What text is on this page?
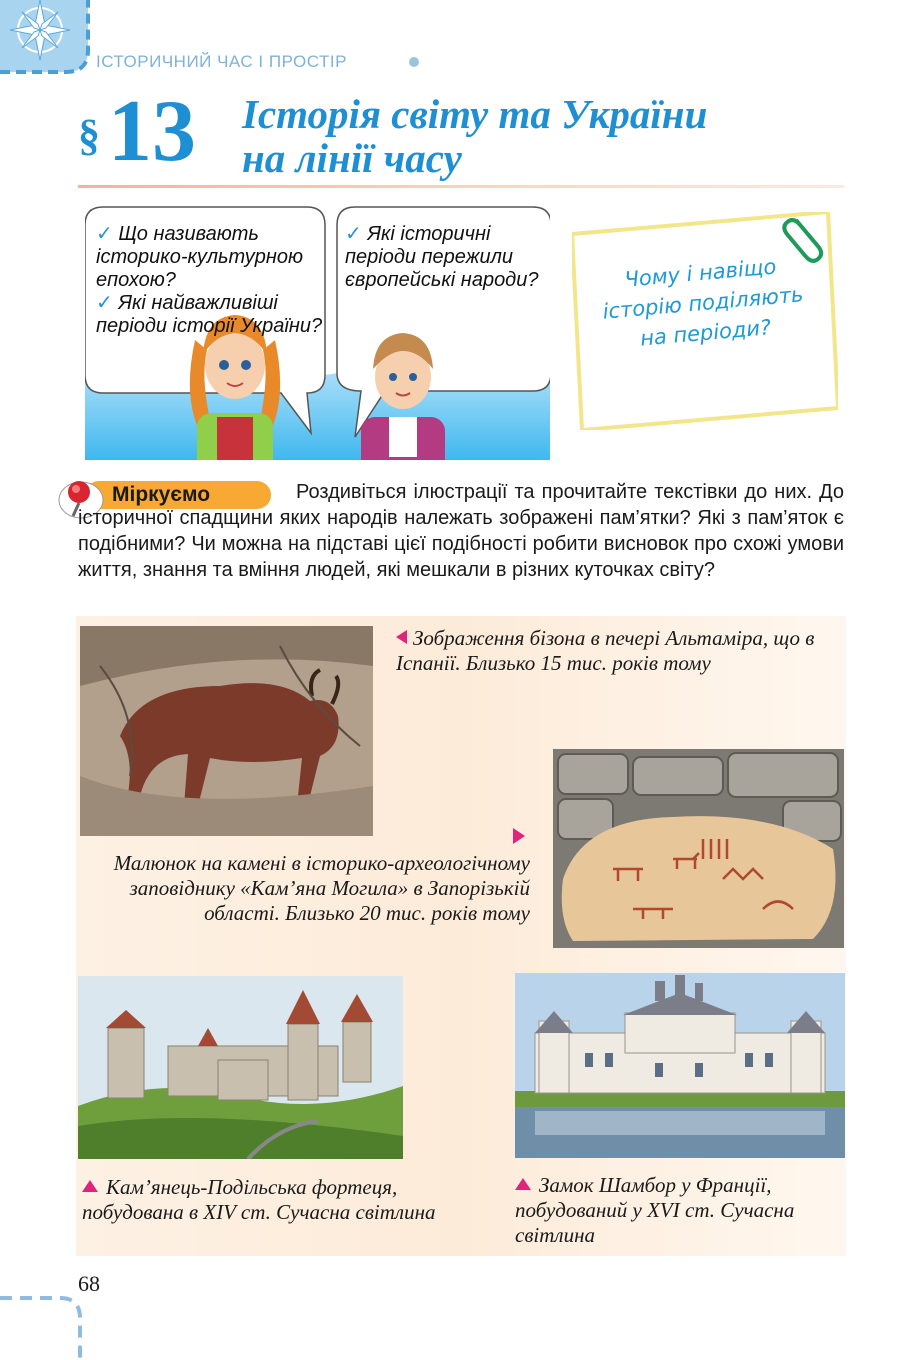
ІСТОРИЧНИЙ ЧАС І ПРОСТІР
§13 Історія світу та України
на лінії часу
✓ Що називають історико-культурною епохою?
✓ Які найважливіші періоди історії України?
✓ Які історичні періоди пережили європейські народи?	Чому і навіщо історію поділяють на періоди?
Міркуємо	Роздивіться ілюстрації та прочитайте текстівки до них. До історичної спадщини яких народів належать зображені пам’ятки? Які з пам’яток є подібними? Чи можна на підставі цієї подібності робити висновок про схожі умови життя, знання та вміння людей, які мешкали в різних куточках світу?
Зображення бізона в печері Альтаміра, що в Іспанії. Близько 15 тис. років тому
Малюнок на камені в історико-археологічному заповіднику «Кам’яна Могила» в Запорізькій області. Близько 20 тис. років тому
Кам’янець-Подільська фортеця, побудована в XIV ст. Сучасна світлина
Замок Шамбор у Франції, побудований у XVI ст. Сучасна світлина
68
